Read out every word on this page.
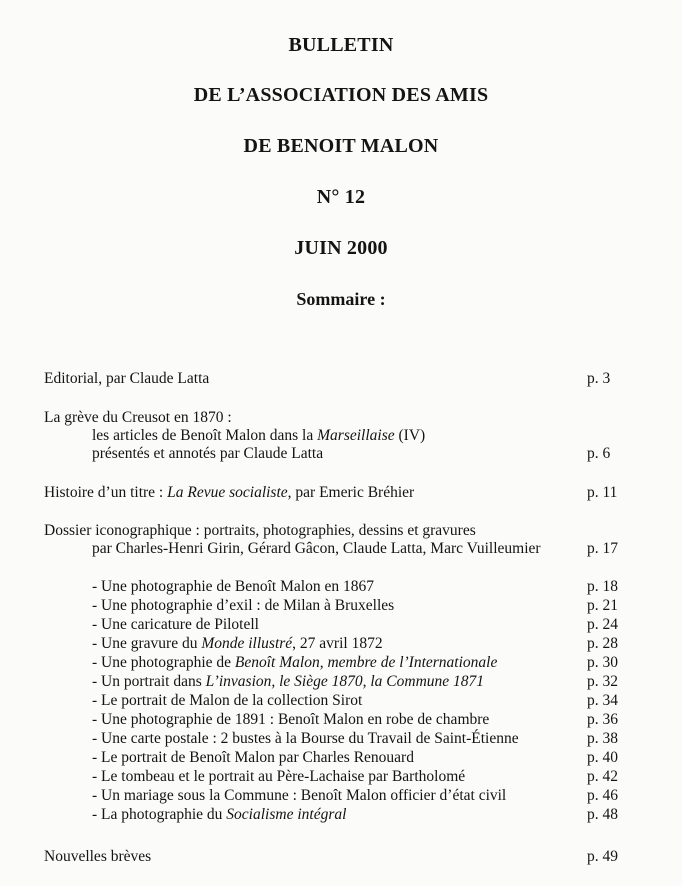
BULLETIN
DE L’ASSOCIATION DES AMIS
DE BENOIT MALON
N° 12
JUIN 2000
Sommaire :
Editorial, par Claude Latta	p. 3
La grève du Creusot en 1870 :
les articles de Benoît Malon dans la Marseillaise (IV)
présentés et annotés par Claude Latta	p. 6
Histoire d’un titre : La Revue socialiste, par Emeric Bréhier	p. 11
Dossier iconographique : portraits, photographies, dessins et gravures
par Charles-Henri Girin, Gérard Gâcon, Claude Latta, Marc Vuilleumier	p. 17
- Une photographie de Benoît Malon en 1867	p. 18
- Une photographie d’exil : de Milan à Bruxelles	p. 21
- Une caricature de Pilotell	p. 24
- Une gravure du Monde illustré, 27 avril 1872	p. 28
- Une photographie de Benoît Malon, membre de l’Internationale	p. 30
- Un portrait dans L’invasion, le Siège 1870, la Commune 1871	p. 32
- Le portrait de Malon de la collection Sirot	p. 34
- Une photographie de 1891 : Benoît Malon en robe de chambre	p. 36
- Une carte postale : 2 bustes à la Bourse du Travail de Saint-Étienne	p. 38
- Le portrait de Benoît Malon par Charles Renouard	p. 40
- Le tombeau et le portrait au Père-Lachaise par Bartholomé	p. 42
- Un mariage sous la Commune : Benoît Malon officier d’état civil	p. 46
- La photographie du Socialisme intégral	p. 48
Nouvelles brèves	p. 49
